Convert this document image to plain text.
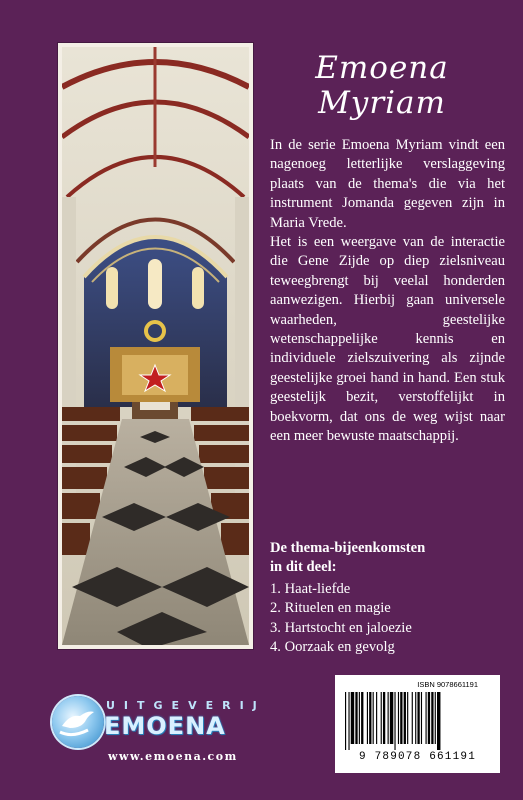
Emoena
Myriam

In de serie Emoena Myriam vindt een nagenoeg letterlijke verslaggeving plaats van de thema's die via het instrument Jomanda gegeven zijn in Maria Vrede.

Het is een weergave van de interactie die Gene Zijde op diep zielsniveau teweegbrengt bij veelal honderden aanwezigen. Hierbij gaan universele waarheden, geestelijke wetenschappelijke kennis en individuele zielszuivering als zijnde geestelijke groei hand in hand. Een stuk geestelijk bezit, verstoffelijkt in boekvorm, dat ons de weg wijst naar een meer bewuste maatschappij.

De thema-bijeenkomsten
in dit deel:
1. Haat-liefde
2. Rituelen en magie
3. Hartstocht en jaloezie
4. Oorzaak en gevolg
UITGEVERIJ
EMOENA
www.emoena.com
ISBN 9078661191
9 789078 661191
